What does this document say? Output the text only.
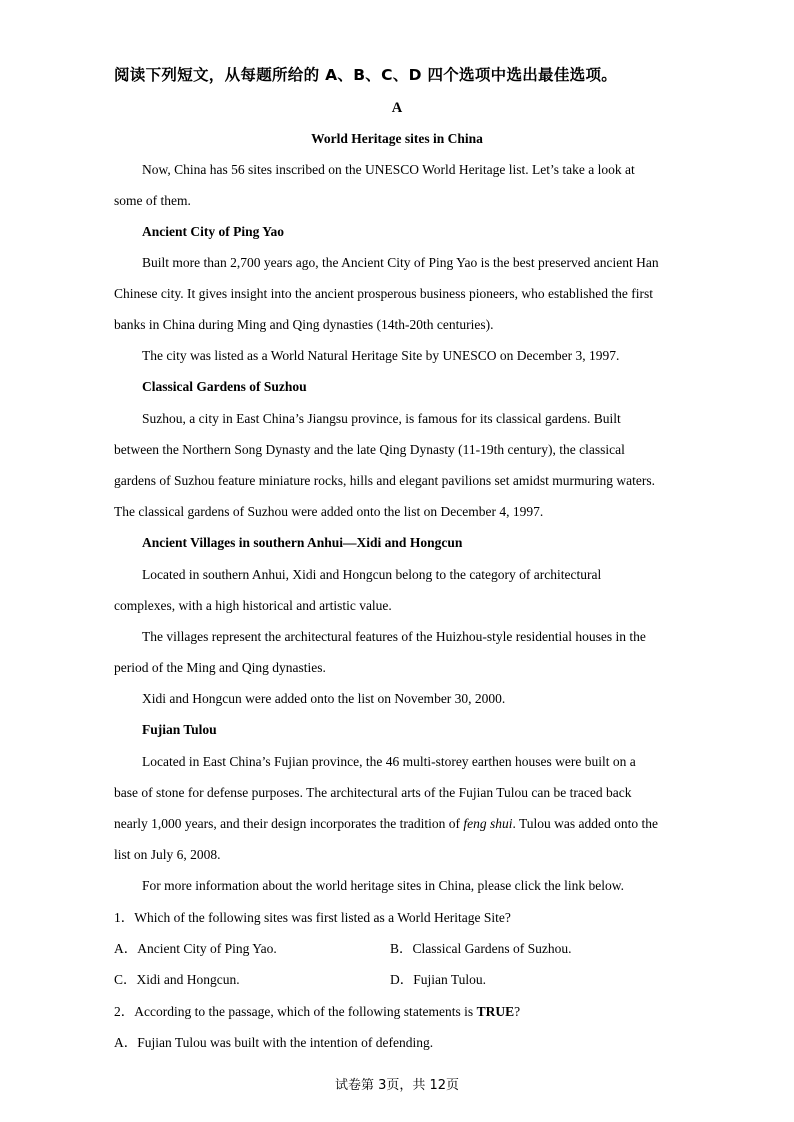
阅读下列短文，从每题所给的 A、B、C、D 四个选项中选出最佳选项。
A
World Heritage sites in China
Now, China has 56 sites inscribed on the UNESCO World Heritage list. Let’s take a look at
some of them.
Ancient City of Ping Yao
Built more than 2,700 years ago, the Ancient City of Ping Yao is the best preserved ancient Han
Chinese city. It gives insight into the ancient prosperous business pioneers, who established the first
banks in China during Ming and Qing dynasties (14th-20th centuries).
The city was listed as a World Natural Heritage Site by UNESCO on December 3, 1997.
Classical Gardens of Suzhou
Suzhou, a city in East China’s Jiangsu province, is famous for its classical gardens. Built
between the Northern Song Dynasty and the late Qing Dynasty (11-19th century), the classical
gardens of Suzhou feature miniature rocks, hills and elegant pavilions set amidst murmuring waters.
The classical gardens of Suzhou were added onto the list on December 4, 1997.
Ancient Villages in southern Anhui—Xidi and Hongcun
Located in southern Anhui, Xidi and Hongcun belong to the category of architectural
complexes, with a high historical and artistic value.
The villages represent the architectural features of the Huizhou-style residential houses in the
period of the Ming and Qing dynasties.
Xidi and Hongcun were added onto the list on November 30, 2000.
Fujian Tulou
Located in East China’s Fujian province, the 46 multi-storey earthen houses were built on a
base of stone for defense purposes. The architectural arts of the Fujian Tulou can be traced back
nearly 1,000 years, and their design incorporates the tradition of feng shui. Tulou was added onto the
list on July 6, 2008.
For more information about the world heritage sites in China, please click the link below.
1．Which of the following sites was first listed as a World Heritage Site?
A．Ancient City of Ping Yao.	B．Classical Gardens of Suzhou.
C．Xidi and Hongcun.	D．Fujian Tulou.
2．According to the passage, which of the following statements is TRUE?
A．Fujian Tulou was built with the intention of defending.
试卷第 3页，共 12页
